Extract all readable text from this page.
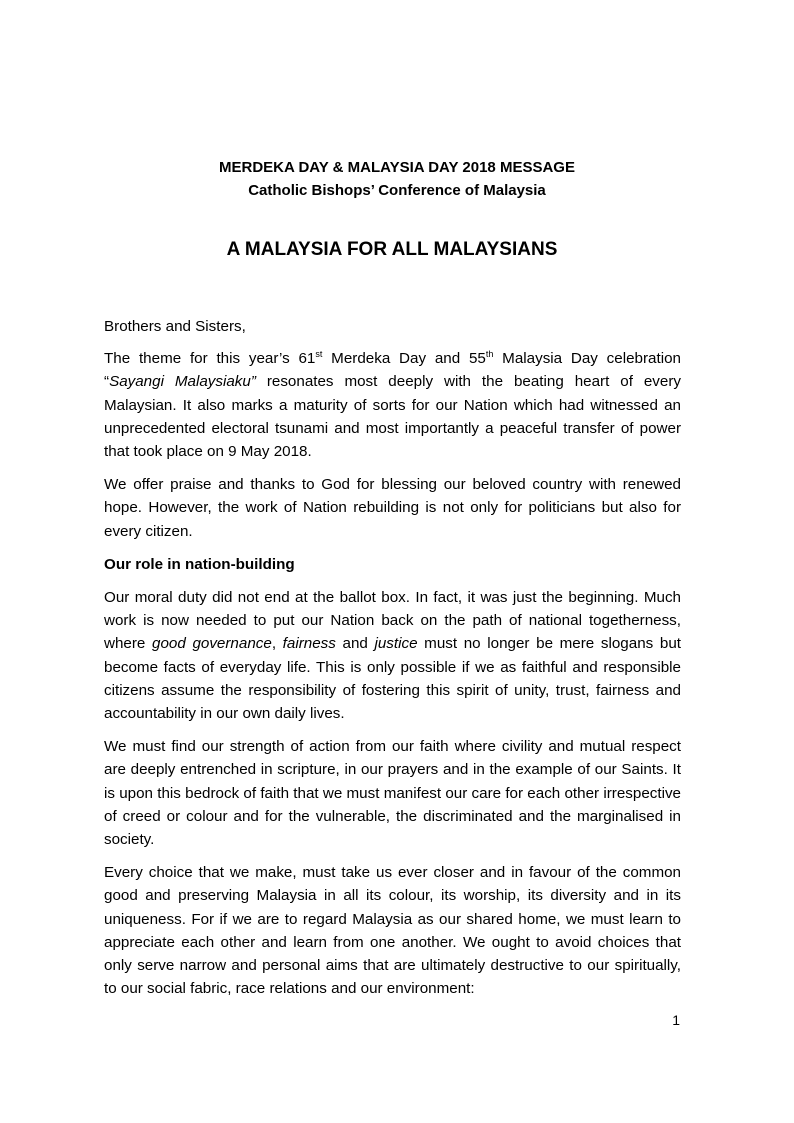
MERDEKA DAY & MALAYSIA DAY 2018 MESSAGE
Catholic Bishops’ Conference of Malaysia
A MALAYSIA FOR ALL MALAYSIANS

Brothers and Sisters,

The theme for this year’s 61st Merdeka Day and 55th Malaysia Day celebration “Sayangi Malaysiaku” resonates most deeply with the beating heart of every Malaysian. It also marks a maturity of sorts for our Nation which had witnessed an unprecedented electoral tsunami and most importantly a peaceful transfer of power that took place on 9 May 2018.

We offer praise and thanks to God for blessing our beloved country with renewed hope. However, the work of Nation rebuilding is not only for politicians but also for every citizen.

Our role in nation-building

Our moral duty did not end at the ballot box. In fact, it was just the beginning. Much work is now needed to put our Nation back on the path of national togetherness, where good governance, fairness and justice must no longer be mere slogans but become facts of everyday life. This is only possible if we as faithful and responsible citizens assume the responsibility of fostering this spirit of unity, trust, fairness and accountability in our own daily lives.

We must find our strength of action from our faith where civility and mutual respect are deeply entrenched in scripture, in our prayers and in the example of our Saints. It is upon this bedrock of faith that we must manifest our care for each other irrespective of creed or colour and for the vulnerable, the discriminated and the marginalised in society.

Every choice that we make, must take us ever closer and in favour of the common good and preserving Malaysia in all its colour, its worship, its diversity and in its uniqueness. For if we are to regard Malaysia as our shared home, we must learn to appreciate each other and learn from one another. We ought to avoid choices that only serve narrow and personal aims that are ultimately destructive to our spiritually, to our social fabric, race relations and our environment:

1
